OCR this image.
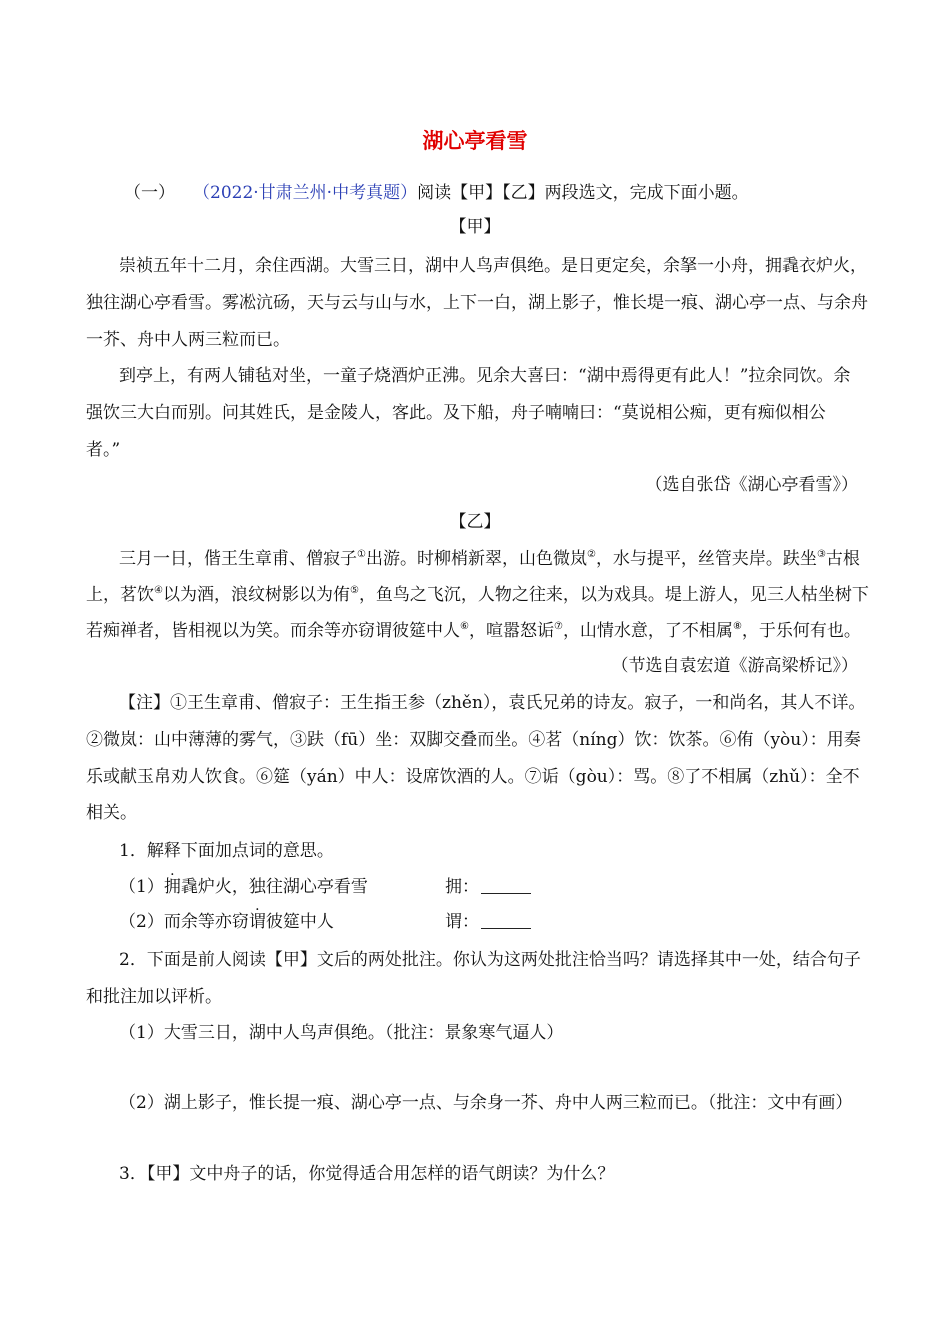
湖心亭看雪
（一） （2022·甘肃兰州·中考真题）阅读【甲】【乙】两段选文，完成下面小题。
【甲】
崇祯五年十二月，余住西湖。大雪三日，湖中人鸟声俱绝。是日更定矣，余拏一小舟，拥毳衣炉火，
独往湖心亭看雪。雾凇沆砀，天与云与山与水，上下一白，湖上影子，惟长堤一痕、湖心亭一点、与余舟
一芥、舟中人两三粒而已。
到亭上，有两人铺毡对坐，一童子烧酒炉正沸。见余大喜曰：“湖中焉得更有此人！”拉余同饮。余
强饮三大白而别。问其姓氏，是金陵人，客此。及下船，舟子喃喃曰：“莫说相公痴，更有痴似相公
者。”
（选自张岱《湖心亭看雪》）
【乙】
三月一日，偕王生章甫、僧寂子①出游。时柳梢新翠，山色微岚②，水与提平，丝管夹岸。趺坐③古根
上，茗饮④以为酒，浪纹树影以为侑⑤，鱼鸟之飞沉，人物之往来，以为戏具。堤上游人，见三人枯坐树下
若痴禅者，皆相视以为笑。而余等亦窃谓彼筵中人⑥，喧嚣怒诟⑦，山情水意，了不相属⑧，于乐何有也。
（节选自袁宏道《游高梁桥记》）
【注】①王生章甫、僧寂子：王生指王参（zhěn），袁氏兄弟的诗友。寂子，一和尚名，其人不详。
②微岚：山中薄薄的雾气，③趺（fū）坐：双脚交叠而坐。④茗（níng）饮：饮茶。⑥侑（yòu）：用奏
乐或献玉帛劝人饮食。⑥筵（yán）中人：设席饮酒的人。⑦诟（gòu）：骂。⑧了不相属（zhǔ）：全不
相关。
1．解释下面加点词的意思。
（1）拥毳炉火，独往湖心亭看雪	拥：
（2）而余等亦窃谓彼筵中人	谓：
2．下面是前人阅读【甲】文后的两处批注。你认为这两处批注恰当吗？请选择其中一处，结合句子
和批注加以评析。
（1）大雪三日，湖中人鸟声俱绝。（批注：景象寒气逼人）
（2）湖上影子，惟长提一痕、湖心亭一点、与余身一芥、舟中人两三粒而已。（批注：文中有画）
3．【甲】文中舟子的话，你觉得适合用怎样的语气朗读？为什么？
